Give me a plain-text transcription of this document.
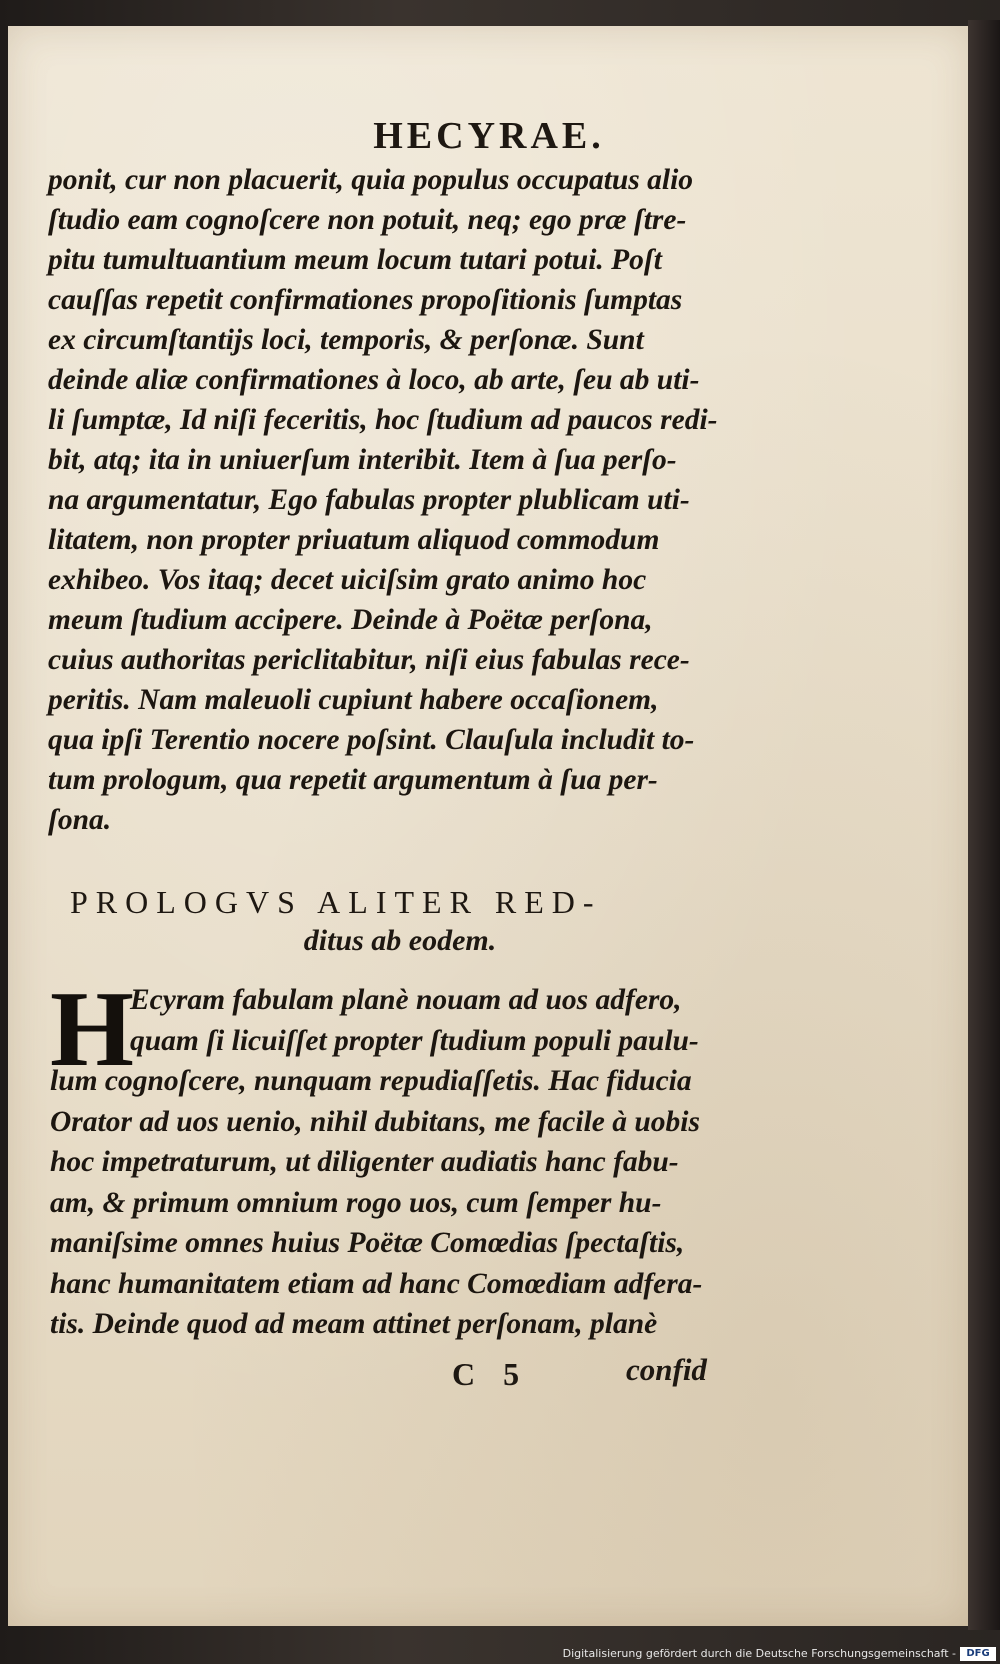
HECYRAE.
ponit, cur non placuerit, quia populus occupatus alio
ſtudio eam cognoſcere non potuit, neq; ego præ ſtre-
pitu tumultuantium meum locum tutari potui. Poſt
cauſſas repetit confirmationes propoſitionis ſumptas
ex circumſtantijs loci, temporis, & perſonæ. Sunt
deinde aliæ confirmationes à loco, ab arte, ſeu ab uti-
li ſumptæ, Id niſi feceritis, hoc ſtudium ad paucos redi-
bit, atq; ita in uniuerſum interibit. Item à ſua perſo-
na argumentatur, Ego fabulas propter plublicam uti-
litatem, non propter priuatum aliquod commodum
exhibeo. Vos itaq; decet uiciſsim grato animo hoc
meum ſtudium accipere. Deinde à Poëtæ perſona,
cuius authoritas periclitabitur, niſi eius fabulas rece-
peritis. Nam maleuoli cupiunt habere occaſionem,
qua ipſi Terentio nocere poſsint. Clauſula includit to-
tum prologum, qua repetit argumentum à ſua per-
ſona.
PROLOGVS ALITER RED-
ditus ab eodem.
H
Ecyram fabulam planè nouam ad uos adfero,
quam ſi licuiſſet propter ſtudium populi paulu-
lum cognoſcere, nunquam repudiaſſetis. Hac fiducia
Orator ad uos uenio, nihil dubitans, me facile à uobis
hoc impetraturum, ut diligenter audiatis hanc fabu-
am, & primum omnium rogo uos, cum ſemper hu-
maniſsime omnes huius Poëtæ Comœdias ſpectaſtis,
hanc humanitatem etiam ad hanc Comœdiam adfera-
tis. Deinde quod ad meam attinet perſonam, planè
C 5	confid
Digitalisierung gefördert durch die Deutsche Forschungsgemeinschaft -	DFG
